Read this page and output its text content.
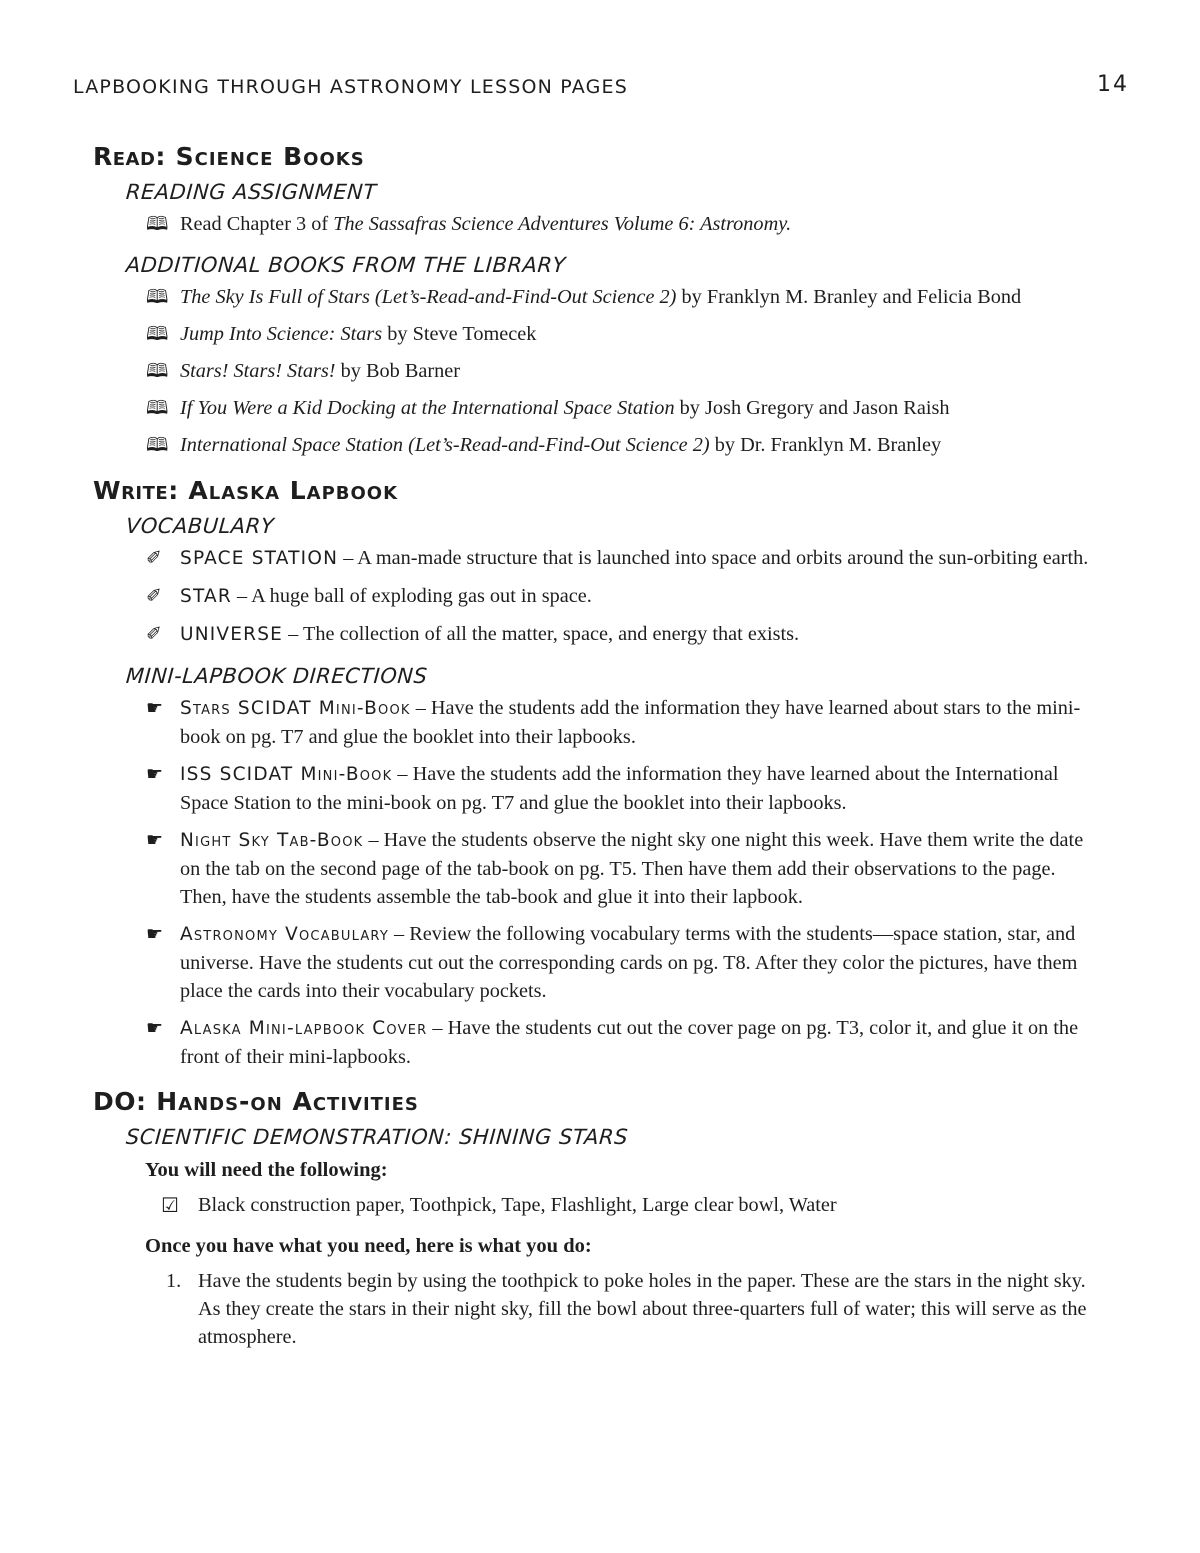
LAPBOOKING THROUGH ASTRONOMY LESSON PAGES	14
Read: Science Books
READING ASSIGNMENT
🕮 Read Chapter 3 of The Sassafras Science Adventures Volume 6: Astronomy.
ADDITIONAL BOOKS FROM THE LIBRARY
🕮 The Sky Is Full of Stars (Let’s-Read-and-Find-Out Science 2) by Franklyn M. Branley and Felicia Bond
🕮 Jump Into Science: Stars by Steve Tomecek
🕮 Stars! Stars! Stars! by Bob Barner
🕮 If You Were a Kid Docking at the International Space Station by Josh Gregory and Jason Raish
🕮 International Space Station (Let’s-Read-and-Find-Out Science 2) by Dr. Franklyn M. Branley
Write: Alaska Lapbook
VOCABULARY
✐ SPACE STATION – A man-made structure that is launched into space and orbits around the sun-orbiting earth.
✐ STAR – A huge ball of exploding gas out in space.
✐ UNIVERSE – The collection of all the matter, space, and energy that exists.
MINI-LAPBOOK DIRECTIONS
☛ Stars SCIDAT Mini-Book – Have the students add the information they have learned about stars to the mini-book on pg. T7 and glue the booklet into their lapbooks.
☛ ISS SCIDAT Mini-Book – Have the students add the information they have learned about the International Space Station to the mini-book on pg. T7 and glue the booklet into their lapbooks.
☛ Night Sky Tab-Book – Have the students observe the night sky one night this week. Have them write the date on the tab on the second page of the tab-book on pg. T5. Then have them add their observations to the page. Then, have the students assemble the tab-book and glue it into their lapbook.
☛ Astronomy Vocabulary – Review the following vocabulary terms with the students—space station, star, and universe. Have the students cut out the corresponding cards on pg. T8. After they color the pictures, have them place the cards into their vocabulary pockets.
☛ Alaska Mini-lapbook Cover – Have the students cut out the cover page on pg. T3, color it, and glue it on the front of their mini-lapbooks.
DO: Hands-on Activities
SCIENTIFIC DEMONSTRATION: SHINING STARS

You will need the following:

☑ Black construction paper, Toothpick, Tape, Flashlight, Large clear bowl, Water

Once you have what you need, here is what you do:

1. Have the students begin by using the toothpick to poke holes in the paper. These are the stars in the night sky. As they create the stars in their night sky, fill the bowl about three-quarters full of water; this will serve as the atmosphere.
